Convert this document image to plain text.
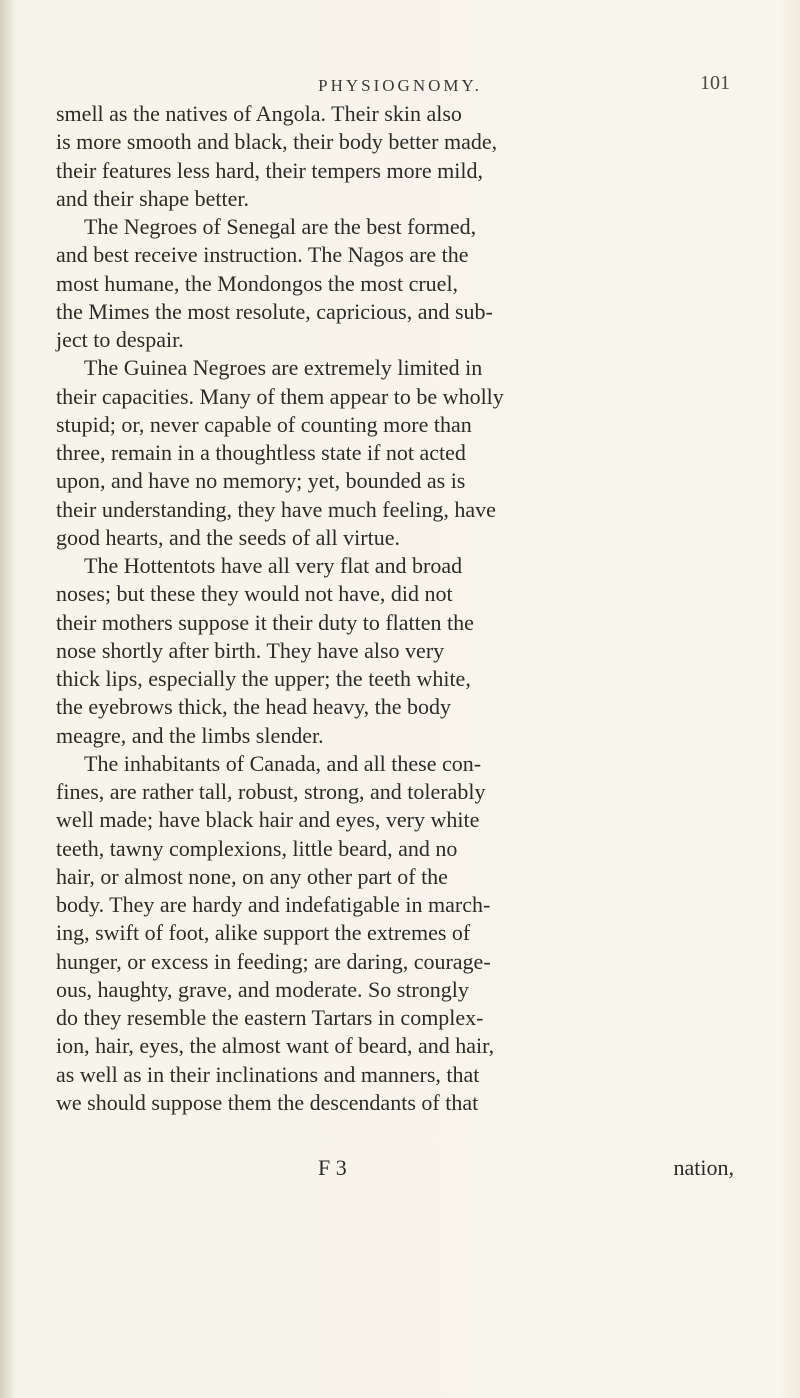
PHYSIOGNOMY.	101
smell as the natives of Angola. Their skin also
is more smooth and black, their body better made,
their features less hard, their tempers more mild,
and their shape better.
The Negroes of Senegal are the best formed,
and best receive instruction. The Nagos are the
most humane, the Mondongos the most cruel,
the Mimes the most resolute, capricious, and sub-
ject to despair.
The Guinea Negroes are extremely limited in
their capacities. Many of them appear to be wholly
stupid; or, never capable of counting more than
three, remain in a thoughtless state if not acted
upon, and have no memory; yet, bounded as is
their understanding, they have much feeling, have
good hearts, and the seeds of all virtue.
The Hottentots have all very flat and broad
noses; but these they would not have, did not
their mothers suppose it their duty to flatten the
nose shortly after birth. They have also very
thick lips, especially the upper; the teeth white,
the eyebrows thick, the head heavy, the body
meagre, and the limbs slender.
The inhabitants of Canada, and all these con-
fines, are rather tall, robust, strong, and tolerably
well made; have black hair and eyes, very white
teeth, tawny complexions, little beard, and no
hair, or almost none, on any other part of the
body. They are hardy and indefatigable in march-
ing, swift of foot, alike support the extremes of
hunger, or excess in feeding; are daring, courage-
ous, haughty, grave, and moderate. So strongly
do they resemble the eastern Tartars in complex-
ion, hair, eyes, the almost want of beard, and hair,
as well as in their inclinations and manners, that
we should suppose them the descendants of that
F 3	nation,
